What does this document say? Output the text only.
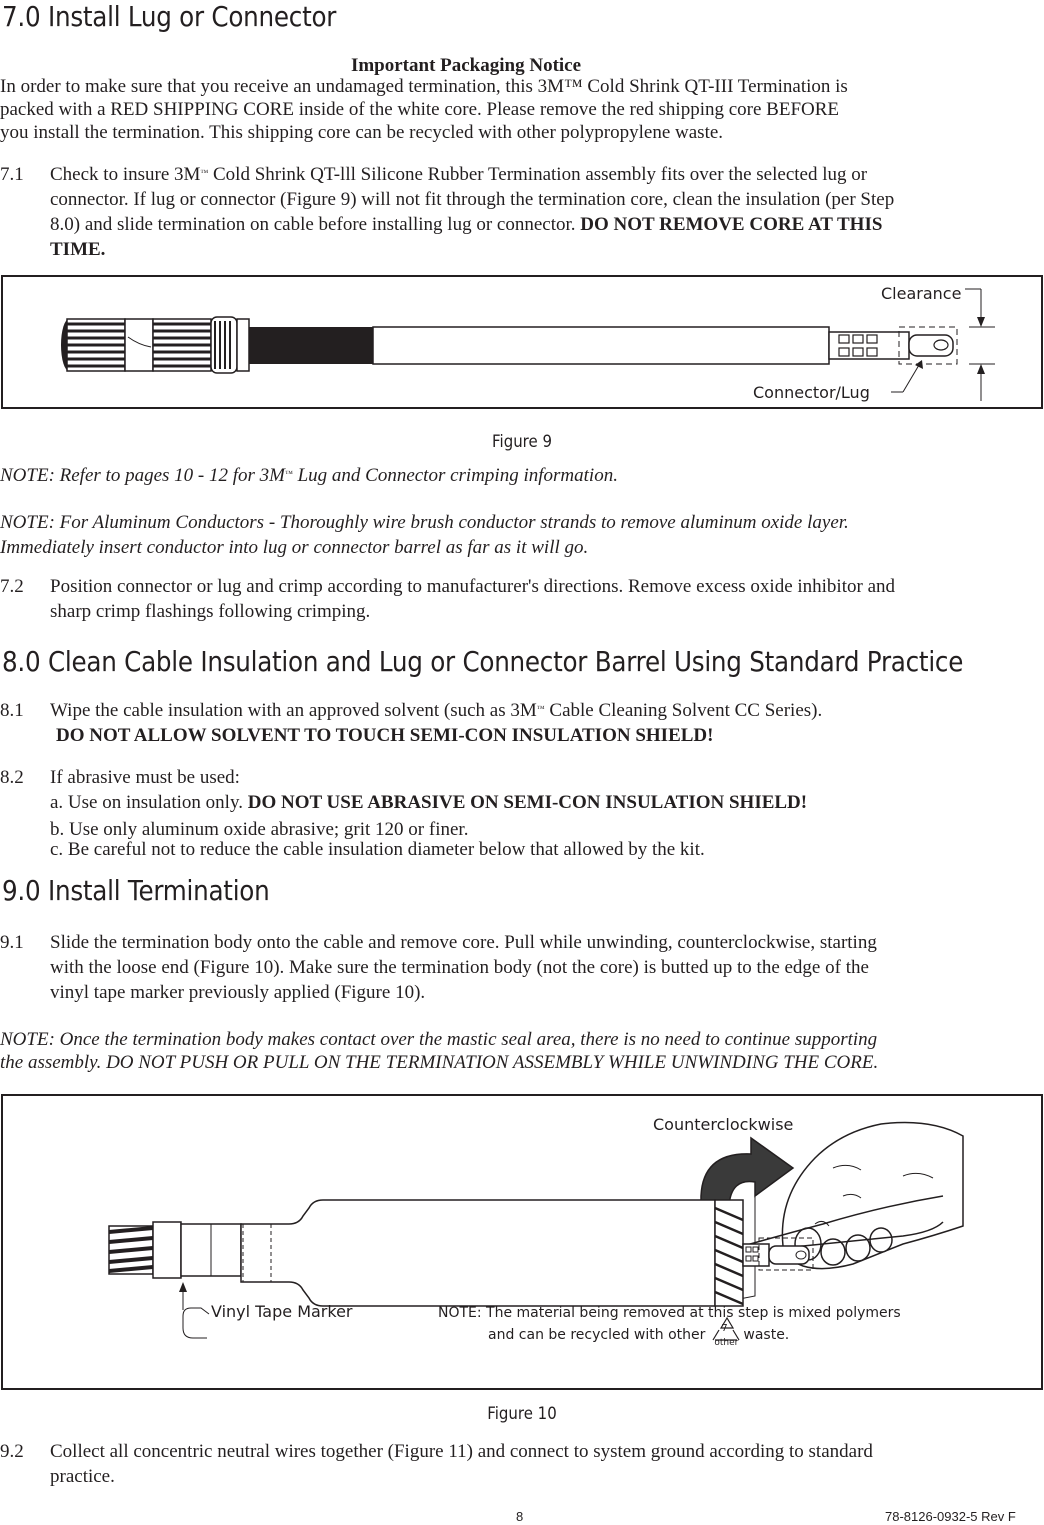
7.0 Install Lug or Connector
Important Packaging Notice
In order to make sure that you receive an undamaged termination, this 3M™ Cold Shrink QT-III Termination is
packed with a RED SHIPPING CORE inside of the white core. Please remove the red shipping core BEFORE
you install the termination. This shipping core can be recycled with other polypropylene waste.
7.1 Check to insure 3M™ Cold Shrink QT-lll Silicone Rubber Termination assembly fits over the selected lug or
connector. If lug or connector (Figure 9) will not fit through the termination core, clean the insulation (per Step
8.0) and slide termination on cable before installing lug or connector. DO NOT REMOVE CORE AT THIS
TIME.
Clearance
Connector/Lug
Figure 9
NOTE: Refer to pages 10 - 12 for 3M™ Lug and Connector crimping information.
NOTE: For Aluminum Conductors - Thoroughly wire brush conductor strands to remove aluminum oxide layer.
Immediately insert conductor into lug or connector barrel as far as it will go.
7.2 Position connector or lug and crimp according to manufacturer's directions. Remove excess oxide inhibitor and
sharp crimp flashings following crimping.
8.0 Clean Cable Insulation and Lug or Connector Barrel Using Standard Practice
8.1 Wipe the cable insulation with an approved solvent (such as 3M™ Cable Cleaning Solvent CC Series).
DO NOT ALLOW SOLVENT TO TOUCH SEMI-CON INSULATION SHIELD!
8.2 If abrasive must be used:
a. Use on insulation only. DO NOT USE ABRASIVE ON SEMI-CON INSULATION SHIELD!
b. Use only aluminum oxide abrasive; grit 120 or finer.
c. Be careful not to reduce the cable insulation diameter below that allowed by the kit.
9.0 Install Termination
9.1 Slide the termination body onto the cable and remove core. Pull while unwinding, counterclockwise, starting
with the loose end (Figure 10). Make sure the termination body (not the core) is butted up to the edge of the
vinyl tape marker previously applied (Figure 10).
NOTE: Once the termination body makes contact over the mastic seal area, there is no need to continue supporting
the assembly. DO NOT PUSH OR PULL ON THE TERMINATION ASSEMBLY WHILE UNWINDING THE CORE.
Counterclockwise
Vinyl Tape Marker	NOTE: The material being removed at this step is mixed polymers
and can be recycled with other 7
other waste.
Figure 10
9.2 Collect all concentric neutral wires together (Figure 11) and connect to system ground according to standard
practice.
8	78-8126-0932-5 Rev F
